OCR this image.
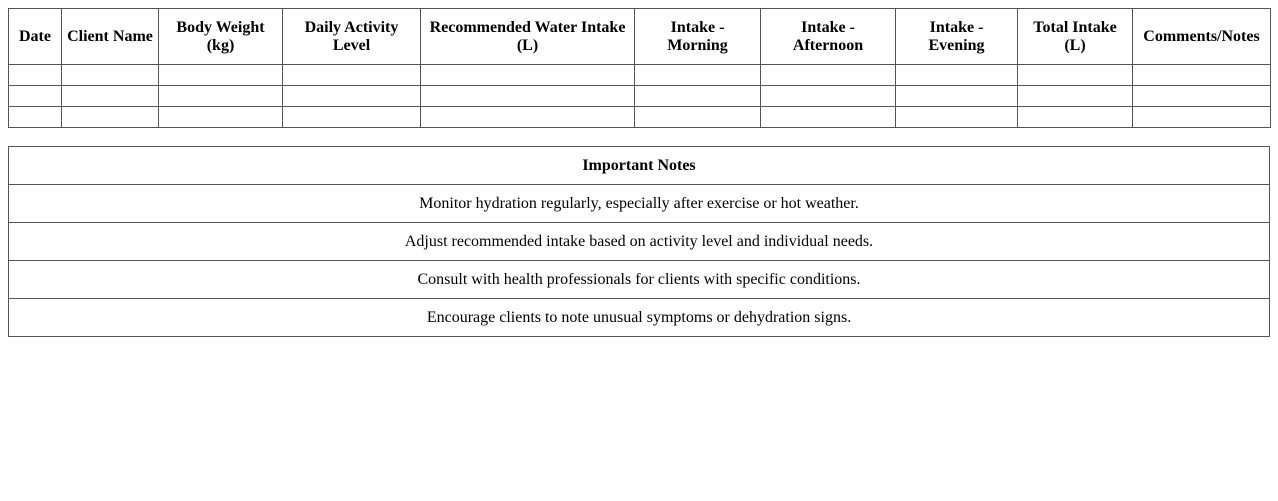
Date	Client Name	Body Weight (kg)	Daily Activity Level	Recommended Water Intake (L)	Intake - Morning	Intake - Afternoon	Intake - Evening	Total Intake (L)	Comments/Notes

Important Notes
Monitor hydration regularly, especially after exercise or hot weather.
Adjust recommended intake based on activity level and individual needs.
Consult with health professionals for clients with specific conditions.
Encourage clients to note unusual symptoms or dehydration signs.
